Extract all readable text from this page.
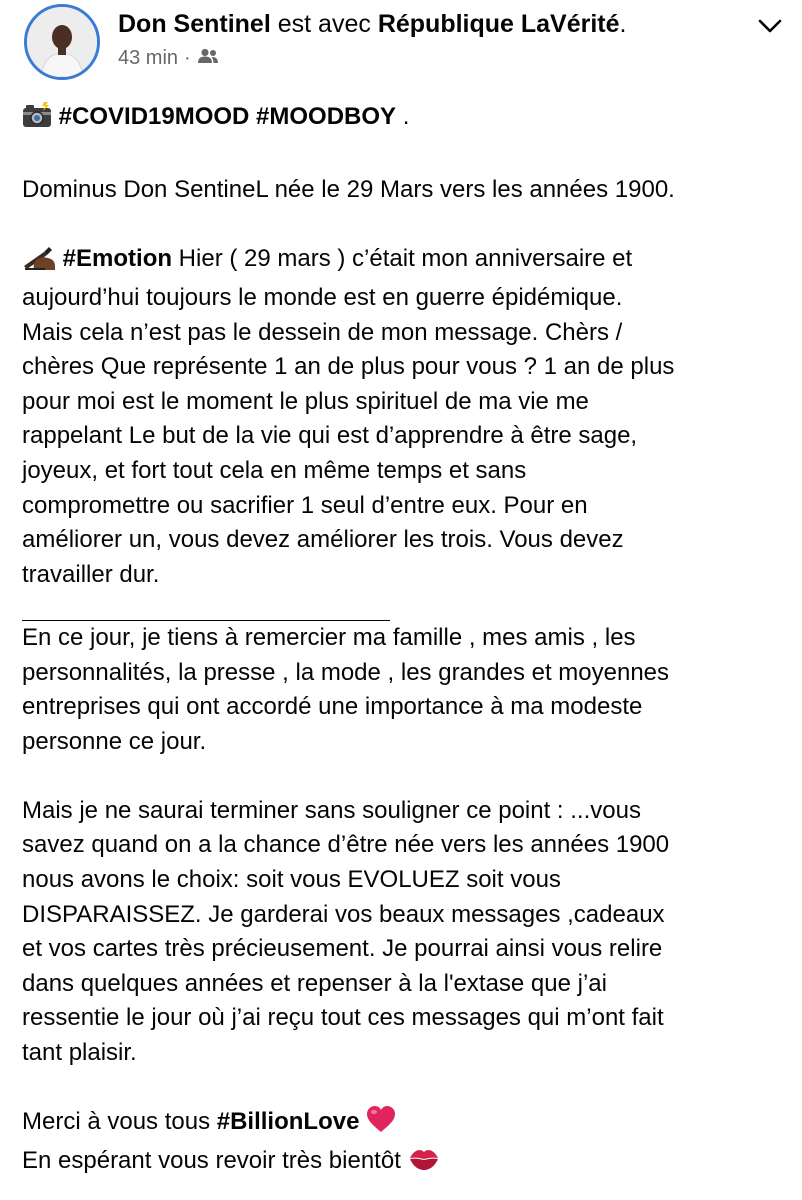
Don Sentinel est avec République LaVérité.
43 min ·
#COVID19MOOD #MOODBOY .
Dominus Don SentineL née le 29 Mars vers les années 1900.
#Emotion Hier ( 29 mars ) c’était mon anniversaire et
aujourd’hui toujours le monde est en guerre épidémique.
Mais cela n’est pas le dessein de mon message. Chèrs /
chères Que représente 1 an de plus pour vous ? 1 an de plus
pour moi est le moment le plus spirituel de ma vie me
rappelant Le but de la vie qui est d’apprendre à être sage,
joyeux, et fort tout cela en même temps et sans
compromettre ou sacrifier 1 seul d’entre eux. Pour en
améliorer un, vous devez améliorer les trois. Vous devez
travailler dur.
En ce jour, je tiens à remercier ma famille , mes amis , les
personnalités, la presse , la mode , les grandes et moyennes
entreprises qui ont accordé une importance à ma modeste
personne ce jour.
Mais je ne saurai terminer sans souligner ce point : ...vous
savez quand on a la chance d’être née vers les années 1900
nous avons le choix: soit vous EVOLUEZ soit vous
DISPARAISSEZ. Je garderai vos beaux messages ,cadeaux
et vos cartes très précieusement. Je pourrai ainsi vous relire
dans quelques années et repenser à la l'extase que j’ai
ressentie le jour où j’ai reçu tout ces messages qui m’ont fait
tant plaisir.
Merci à vous tous #BillionLove
En espérant vous revoir très bientôt
